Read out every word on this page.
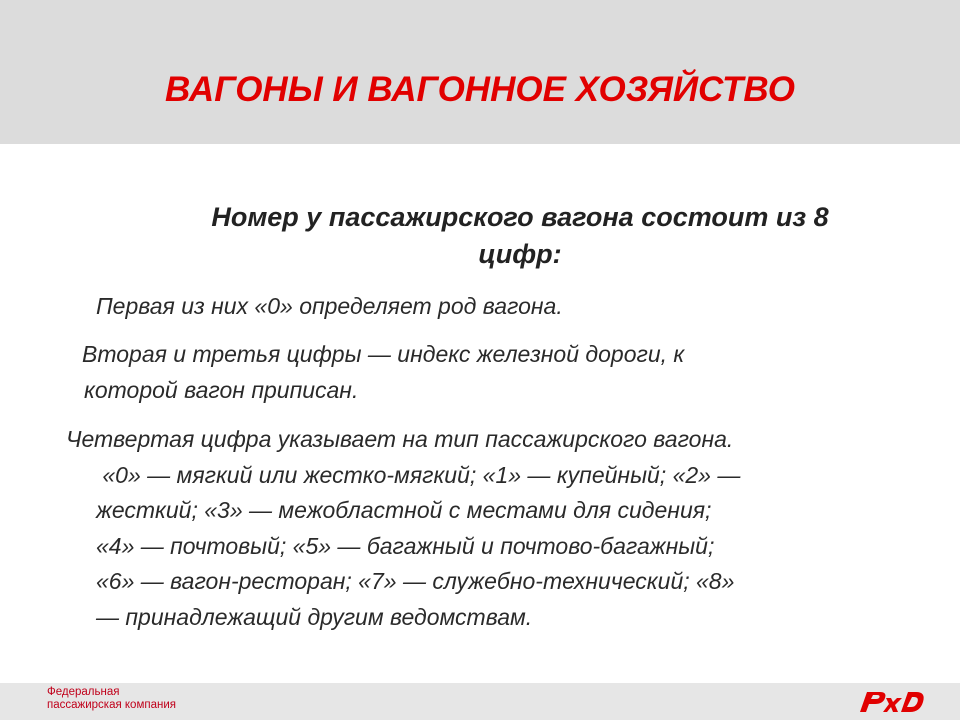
ВАГОНЫ И ВАГОННОЕ ХОЗЯЙСТВО
Номер у пассажирского вагона состоит из 8
цифр:
Первая из них «0» определяет род вагона.
Вторая и третья цифры — индекс железной дороги, к
которой вагон приписан.
Четвертая цифра указывает на тип пассажирского вагона.
«0» — мягкий или жестко-мягкий; «1» — купейный; «2» —
жесткий; «3» — межобластной с местами для сидения;
«4» — почтовый; «5» — багажный и почтово-багажный;
«6» — вагон-ресторан; «7» — служебно-технический; «8»
— принадлежащий другим ведомствам.
Федеральная
пассажирская компания
